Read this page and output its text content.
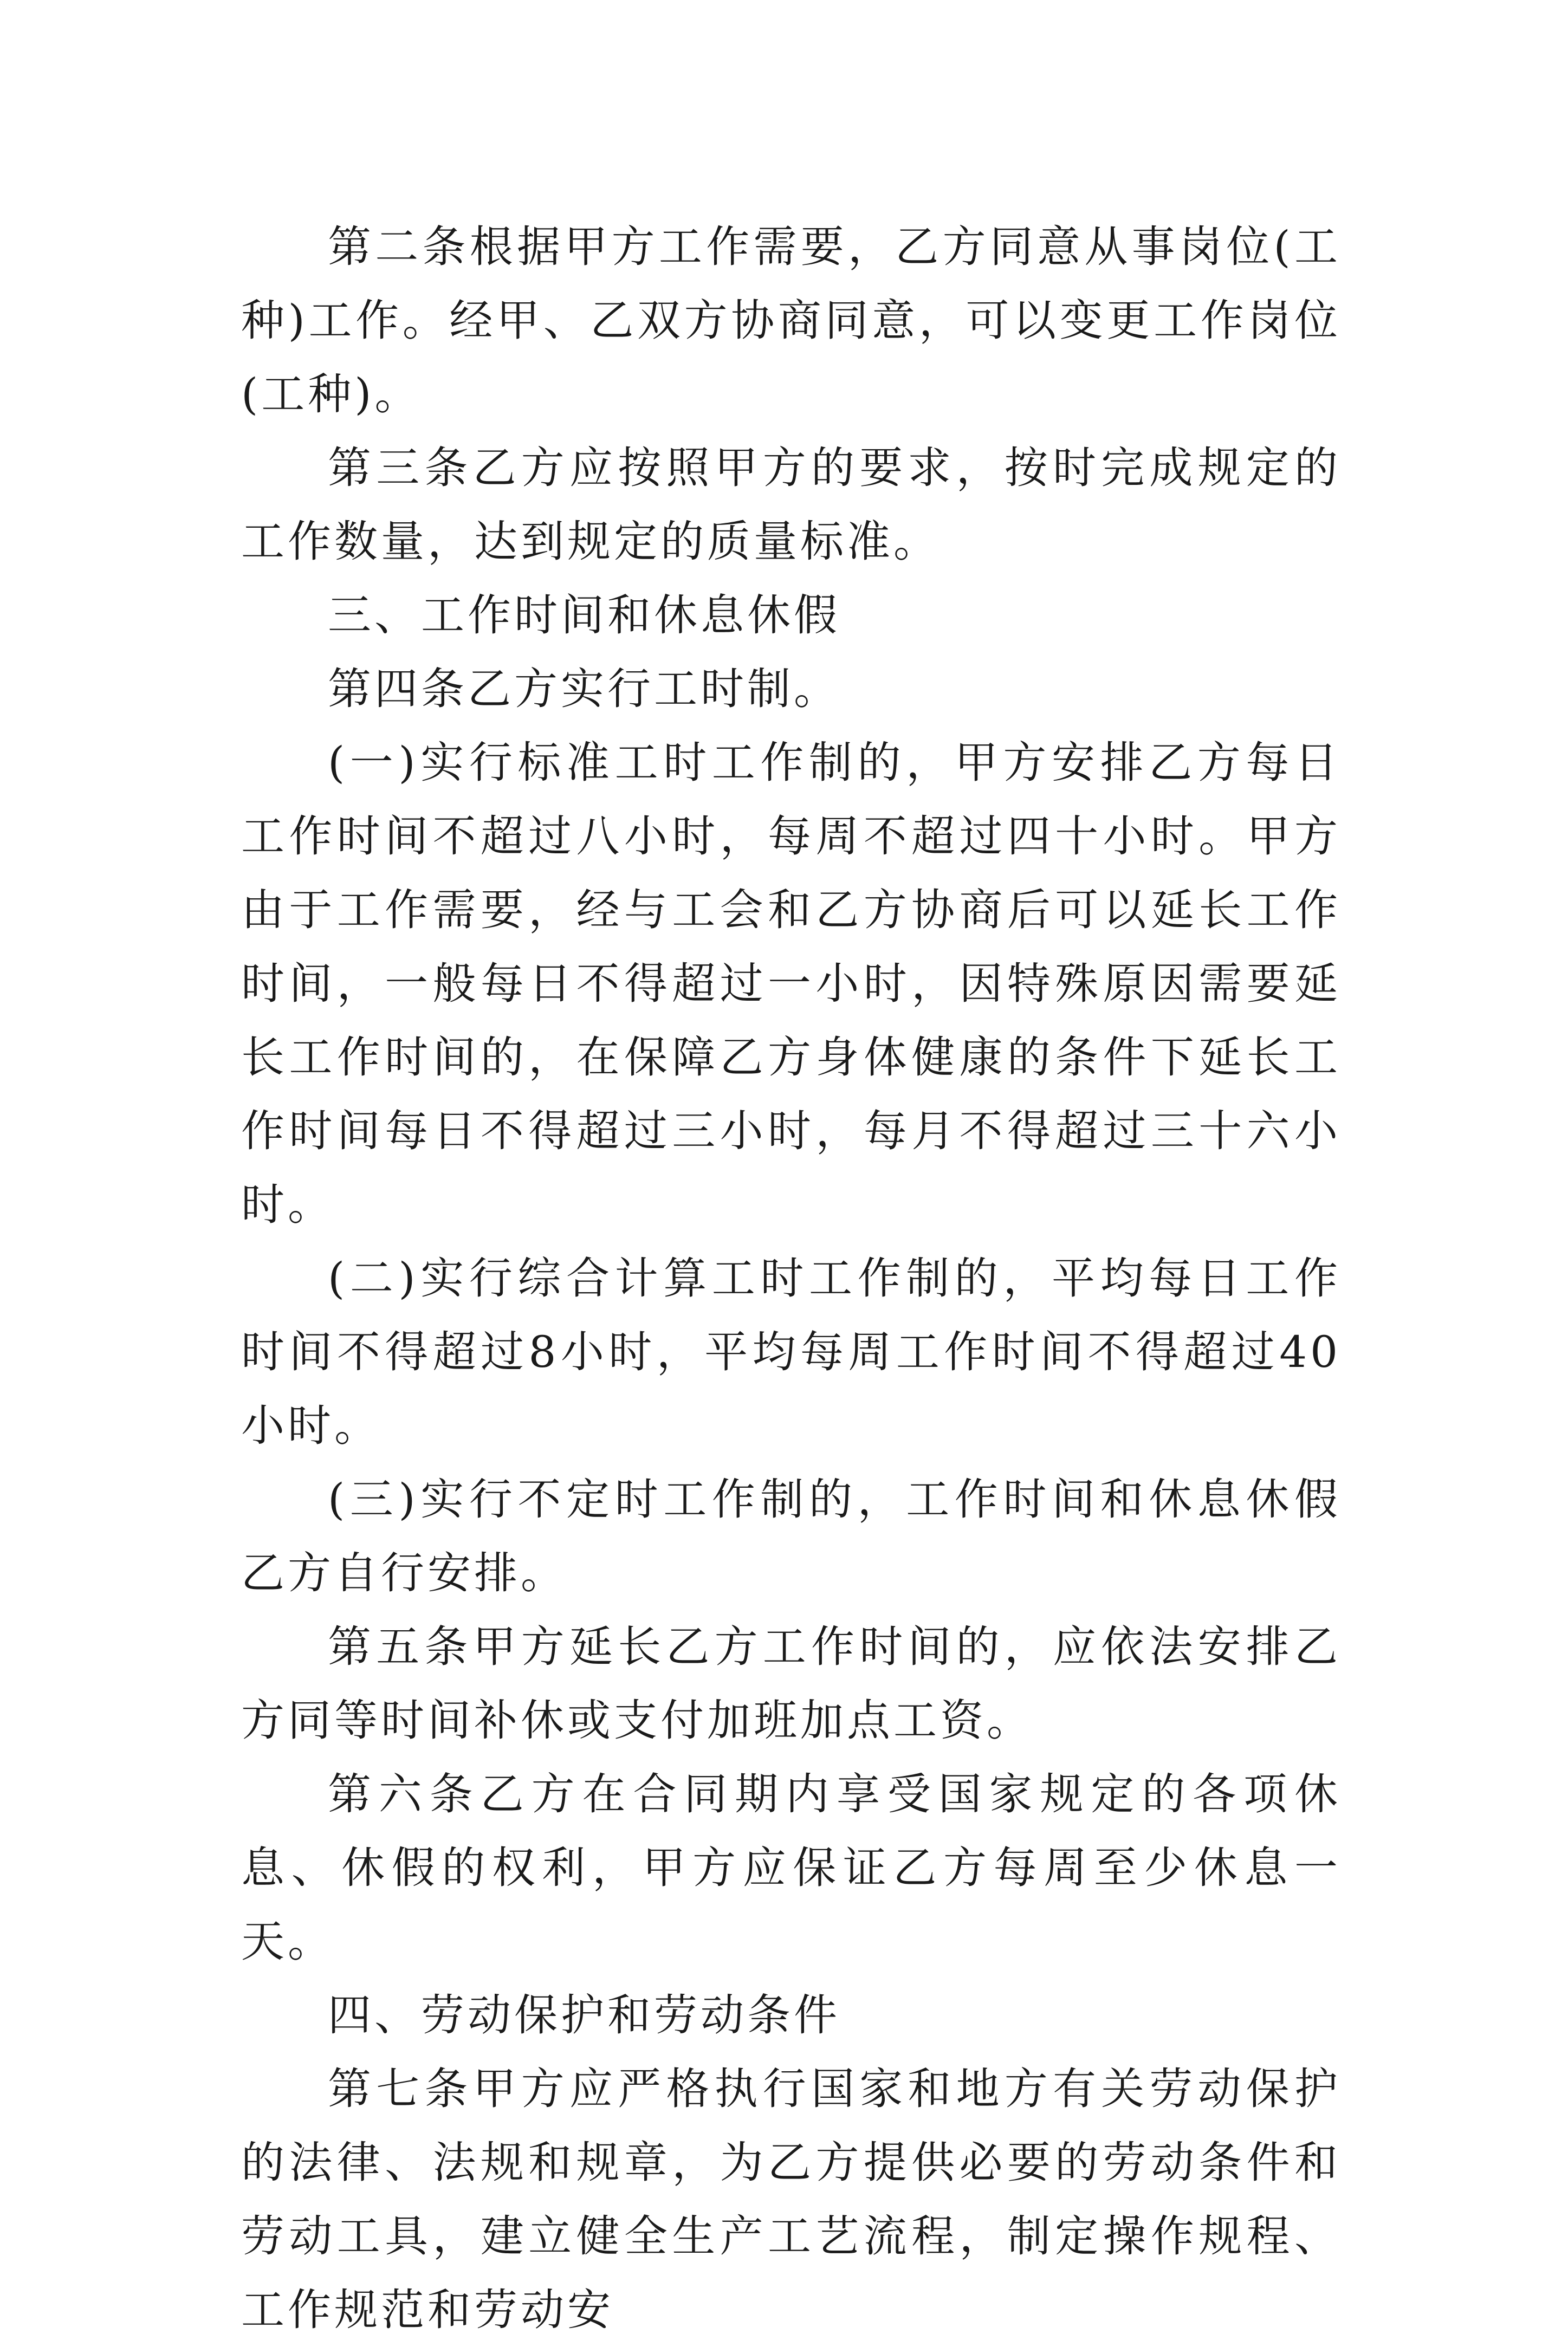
第二条根据甲方工作需要，乙方同意从事岗位(工种)工作。经甲、乙双方协商同意，可以变更工作岗位(工种)。

第三条乙方应按照甲方的要求，按时完成规定的工作数量，达到规定的质量标准。

三、工作时间和休息休假

第四条乙方实行工时制。

(一)实行标准工时工作制的，甲方安排乙方每日工作时间不超过八小时，每周不超过四十小时。甲方由于工作需要，经与工会和乙方协商后可以延长工作时间，一般每日不得超过一小时，因特殊原因需要延长工作时间的，在保障乙方身体健康的条件下延长工作时间每日不得超过三小时，每月不得超过三十六小时。

(二)实行综合计算工时工作制的，平均每日工作时间不得超过8小时，平均每周工作时间不得超过40小时。

(三)实行不定时工作制的，工作时间和休息休假乙方自行安排。

第五条甲方延长乙方工作时间的，应依法安排乙方同等时间补休或支付加班加点工资。

第六条乙方在合同期内享受国家规定的各项休息、休假的权利，甲方应保证乙方每周至少休息一天。

四、劳动保护和劳动条件

第七条甲方应严格执行国家和地方有关劳动保护的法律、法规和规章，为乙方提供必要的劳动条件和劳动工具，建立健全生产工艺流程，制定操作规程、工作规范和劳动安
